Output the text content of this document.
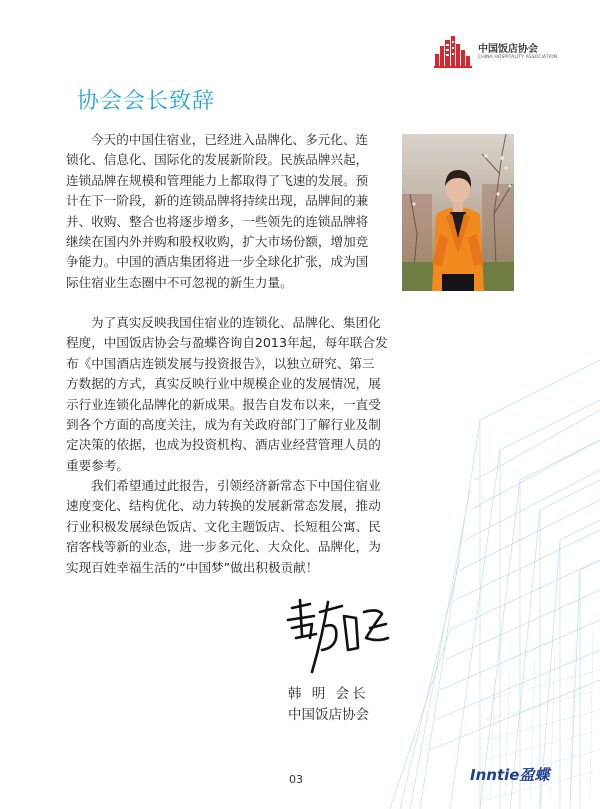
中国饭店协会
CHINA HOSPITALITY ASSOCIATION
协会会长致辞
今天的中国住宿业，已经进入品牌化、多元化、连
锁化、信息化、国际化的发展新阶段。民族品牌兴起，
连锁品牌在规模和管理能力上都取得了飞速的发展。预
计在下一阶段，新的连锁品牌将持续出现，品牌间的兼
并、收购、整合也将逐步增多，一些领先的连锁品牌将
继续在国内外并购和股权收购，扩大市场份额，增加竞
争能力。中国的酒店集团将进一步全球化扩张，成为国
际住宿业生态圈中不可忽视的新生力量。
为了真实反映我国住宿业的连锁化、品牌化、集团化
程度，中国饭店协会与盈蝶咨询自2013年起，每年联合发
布《中国酒店连锁发展与投资报告》，以独立研究、第三
方数据的方式，真实反映行业中规模企业的发展情况，展
示行业连锁化品牌化的新成果。报告自发布以来，一直受
到各个方面的高度关注，成为有关政府部门了解行业及制
定决策的依据，也成为投资机构、酒店业经营管理人员的
重要参考。
我们希望通过此报告，引领经济新常态下中国住宿业
速度变化、结构优化、动力转换的发展新常态发展，推动
行业积极发展绿色饭店、文化主题饭店、长短租公寓、民
宿客栈等新的业态，进一步多元化、大众化、品牌化，为
实现百姓幸福生活的“中国梦”做出积极贡献！
韩 明 会长
中国饭店协会
03	Inntie盈蝶
